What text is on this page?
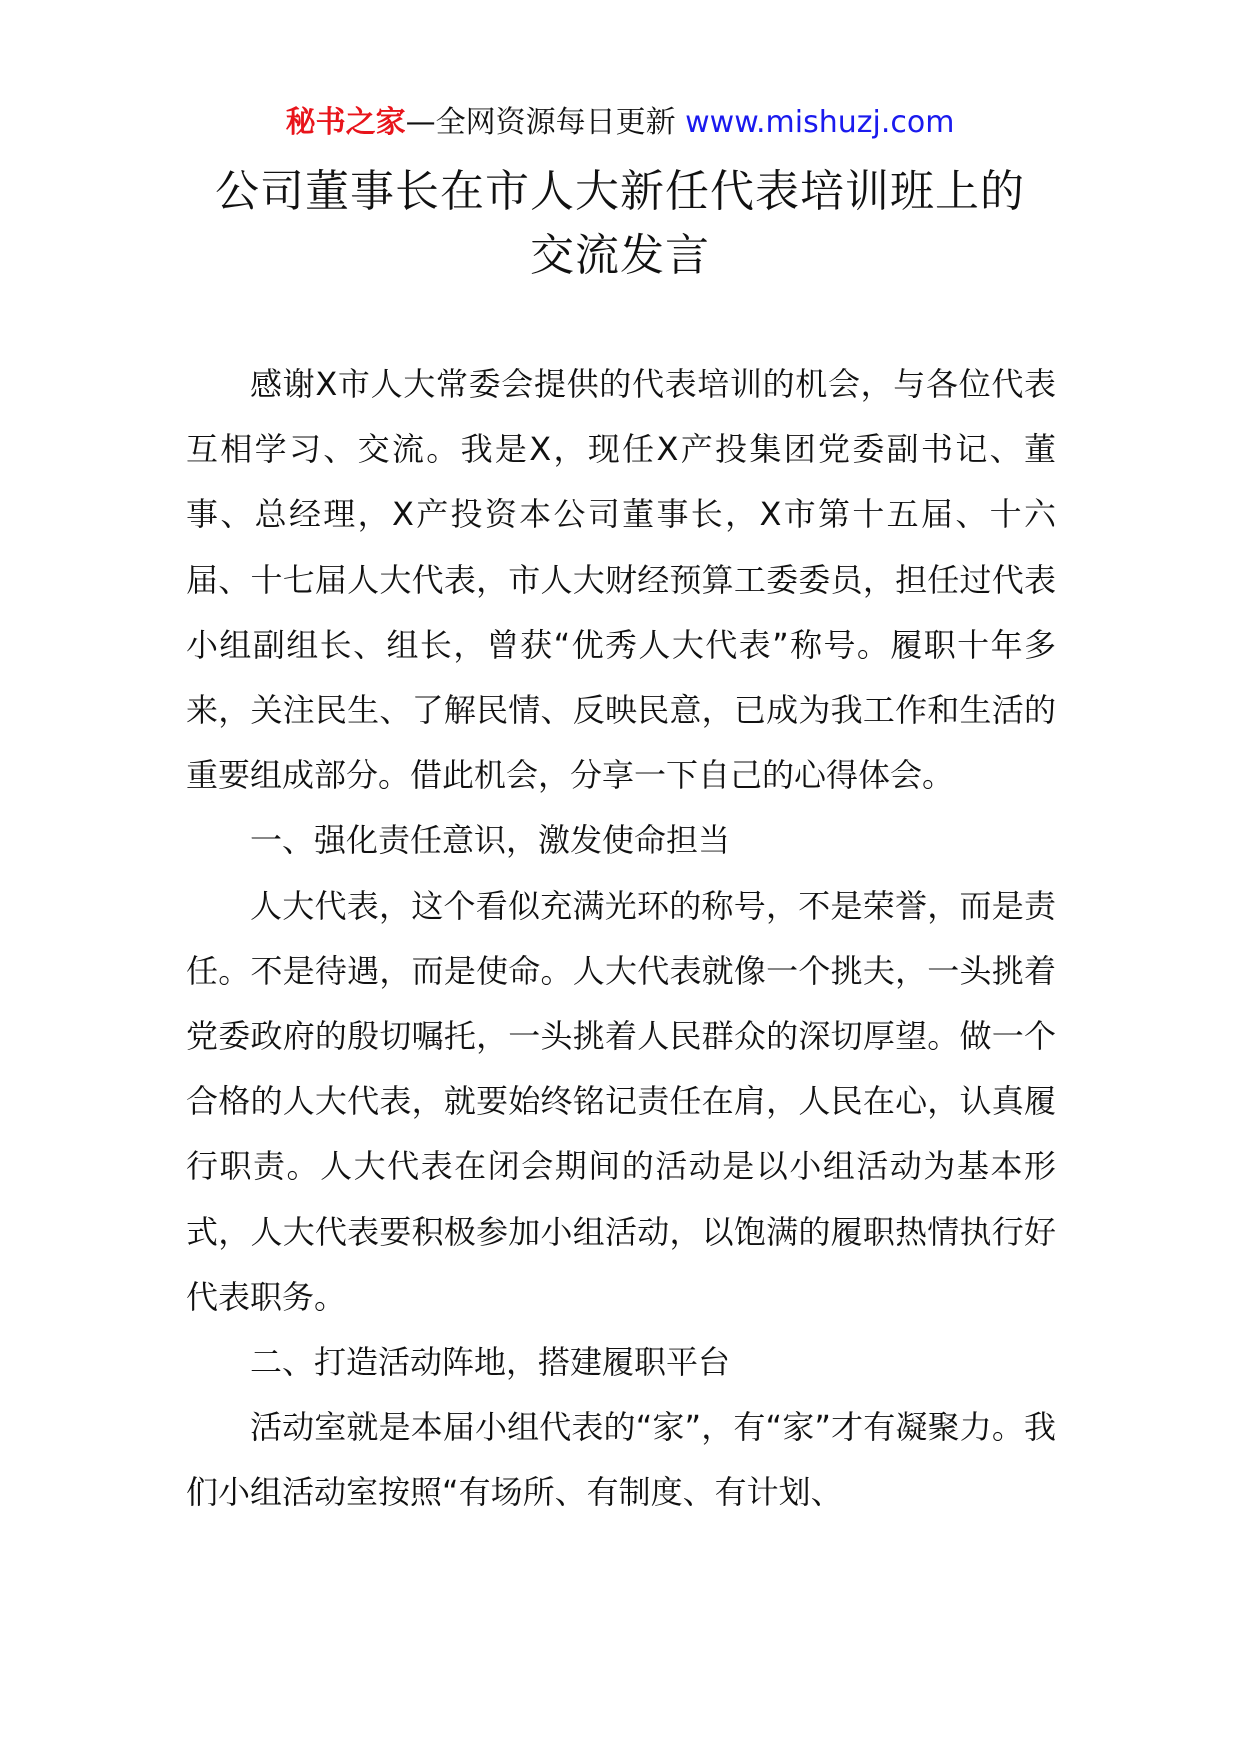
秘书之家—全网资源每日更新 www.mishuzj.com
公司董事长在市人大新任代表培训班上的
交流发言

感谢X市人大常委会提供的代表培训的机会，与各位代表互相学习、交流。我是X，现任X产投集团党委副书记、董事、总经理，X产投资本公司董事长，X市第十五届、十六届、十七届人大代表，市人大财经预算工委委员，担任过代表小组副组长、组长，曾获“优秀人大代表”称号。履职十年多来，关注民生、了解民情、反映民意，已成为我工作和生活的重要组成部分。借此机会，分享一下自己的心得体会。

一、强化责任意识，激发使命担当

人大代表，这个看似充满光环的称号，不是荣誉，而是责任。不是待遇，而是使命。人大代表就像一个挑夫，一头挑着党委政府的殷切嘱托，一头挑着人民群众的深切厚望。做一个合格的人大代表，就要始终铭记责任在肩，人民在心，认真履行职责。人大代表在闭会期间的活动是以小组活动为基本形式，人大代表要积极参加小组活动，以饱满的履职热情执行好代表职务。

二、打造活动阵地，搭建履职平台

活动室就是本届小组代表的“家”，有“家”才有凝聚力。我们小组活动室按照“有场所、有制度、有计划、
